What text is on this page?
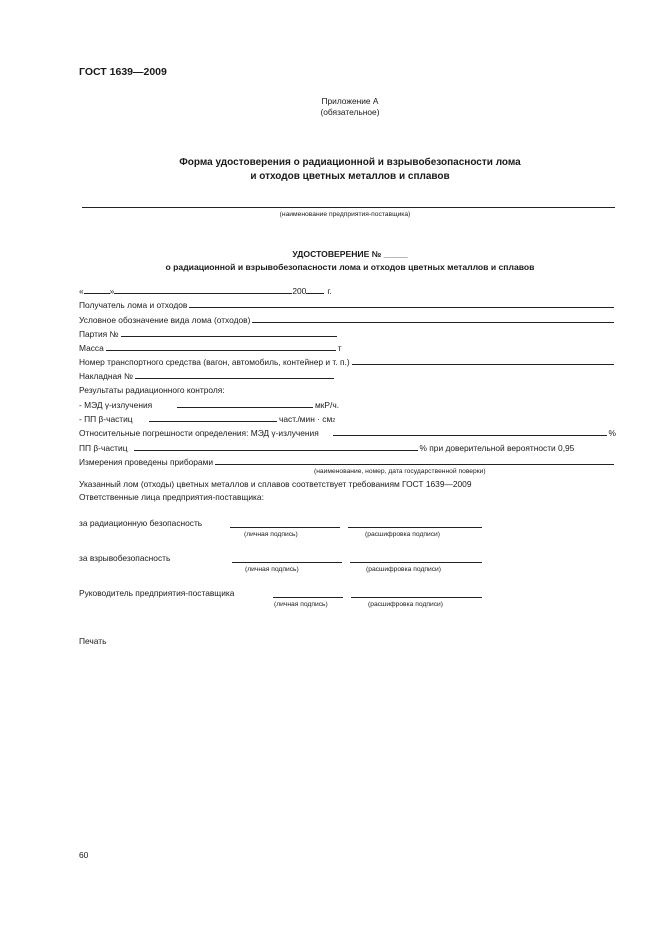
ГОСТ 1639—2009
Приложение А
(обязательное)
Форма удостоверения о радиационной и взрывобезопасности лома
и отходов цветных металлов и сплавов
(наименование предприятия-поставщика)
УДОСТОВЕРЕНИЕ № _____
о радиационной и взрывобезопасности лома и отходов цветных металлов и сплавов
«	»	200	г.
Получатель лома и отходов
Условное обозначение вида лома (отходов)
Партия №
Масса	т
Номер транспортного средства (вагон, автомобиль, контейнер и т. п.)
Накладная №
Результаты радиационного контроля:
- МЭД γ-излучения	мкР/ч.
- ПП β-частиц	част./мин · см 2
Относительные погрешности определения: МЭД γ-излучения	%
ПП β-частиц	% при доверительной вероятности 0,95
Измерения проведены приборами
(наименование, номер, дата государственной поверки)
Указанный лом (отходы) цветных металлов и сплавов соответствует требованиям ГОСТ 1639—2009
Ответственные лица предприятия-поставщика:
за радиационную безопасность
(личная подпись)	(расшифровка подписи)
за взрывобезопасность
(личная подпись)	(расшифровка подписи)
Руководитель предприятия-поставщика
(личная подпись)	(расшифровка подписи)
Печать
60
